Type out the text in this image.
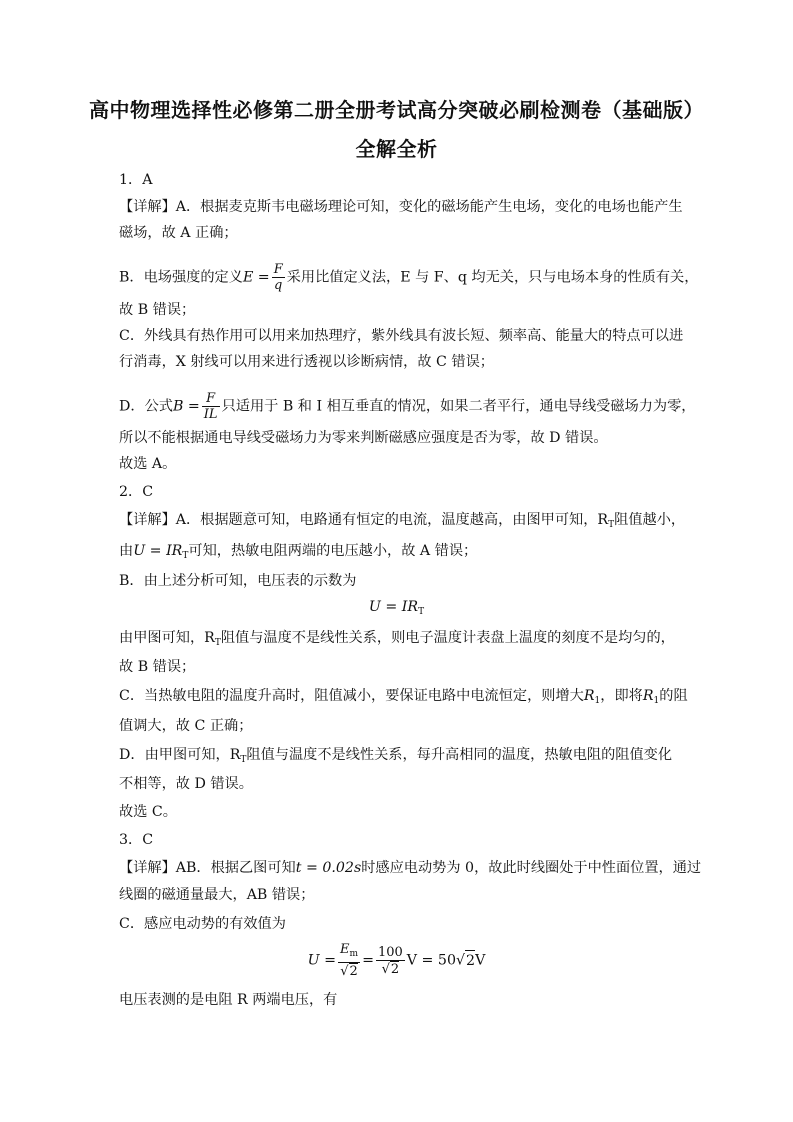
高中物理选择性必修第二册全册考试高分突破必刷检测卷（基础版）
全解全析
1．A
【详解】A．根据麦克斯韦电磁场理论可知，变化的磁场能产生电场，变化的电场也能产生
磁场，故 A 正确；
B．电场强度的定义$E = \frac{F}{q}$ 采用比值定义法，E 与 F、q 均无关，只与电场本身的性质有关，
故 B 错误；
C．外线具有热作用可以用来加热理疗，紫外线具有波长短、频率高、能量大的特点可以进
行消毒，X 射线可以用来进行透视以诊断病情，故 C 错误；
D．公式$B = \frac{F}{IL}$ 只适用于 B 和 I 相互垂直的情况，如果二者平行，通电导线受磁场力为零，
所以不能根据通电导线受磁场力为零来判断磁感应强度是否为零，故 D 错误。
故选 A。
2．C
【详解】A．根据题意可知，电路通有恒定的电流，温度越高，由图甲可知，$R_T$阻值越小，
由$U = IR_T$可知，热敏电阻两端的电压越小，故 A 错误；
B．由上述分析可知，电压表的示数为
$U = IR_T$
由甲图可知，$R_T$阻值与温度不是线性关系，则电子温度计表盘上温度的刻度不是均匀的，
故 B 错误；
C．当热敏电阻的温度升高时，阻值减小，要保证电路中电流恒定，则增大$R_1$，即将$R_1$的阻
值调大，故 C 正确；
D．由甲图可知，$R_T$阻值与温度不是线性关系，每升高相同的温度，热敏电阻的阻值变化
不相等，故 D 错误。
故选 C。
3．C
【详解】AB．根据乙图可知t = 0.02s时感应电动势为 0，故此时线圈处于中性面位置，通过
线圈的磁通量最大，AB 错误；
C．感应电动势的有效值为
$U = \frac{E_m}{√2} = \frac{100}{√2}$ V = 50√2V
电压表测的是电阻 R 两端电压，有
